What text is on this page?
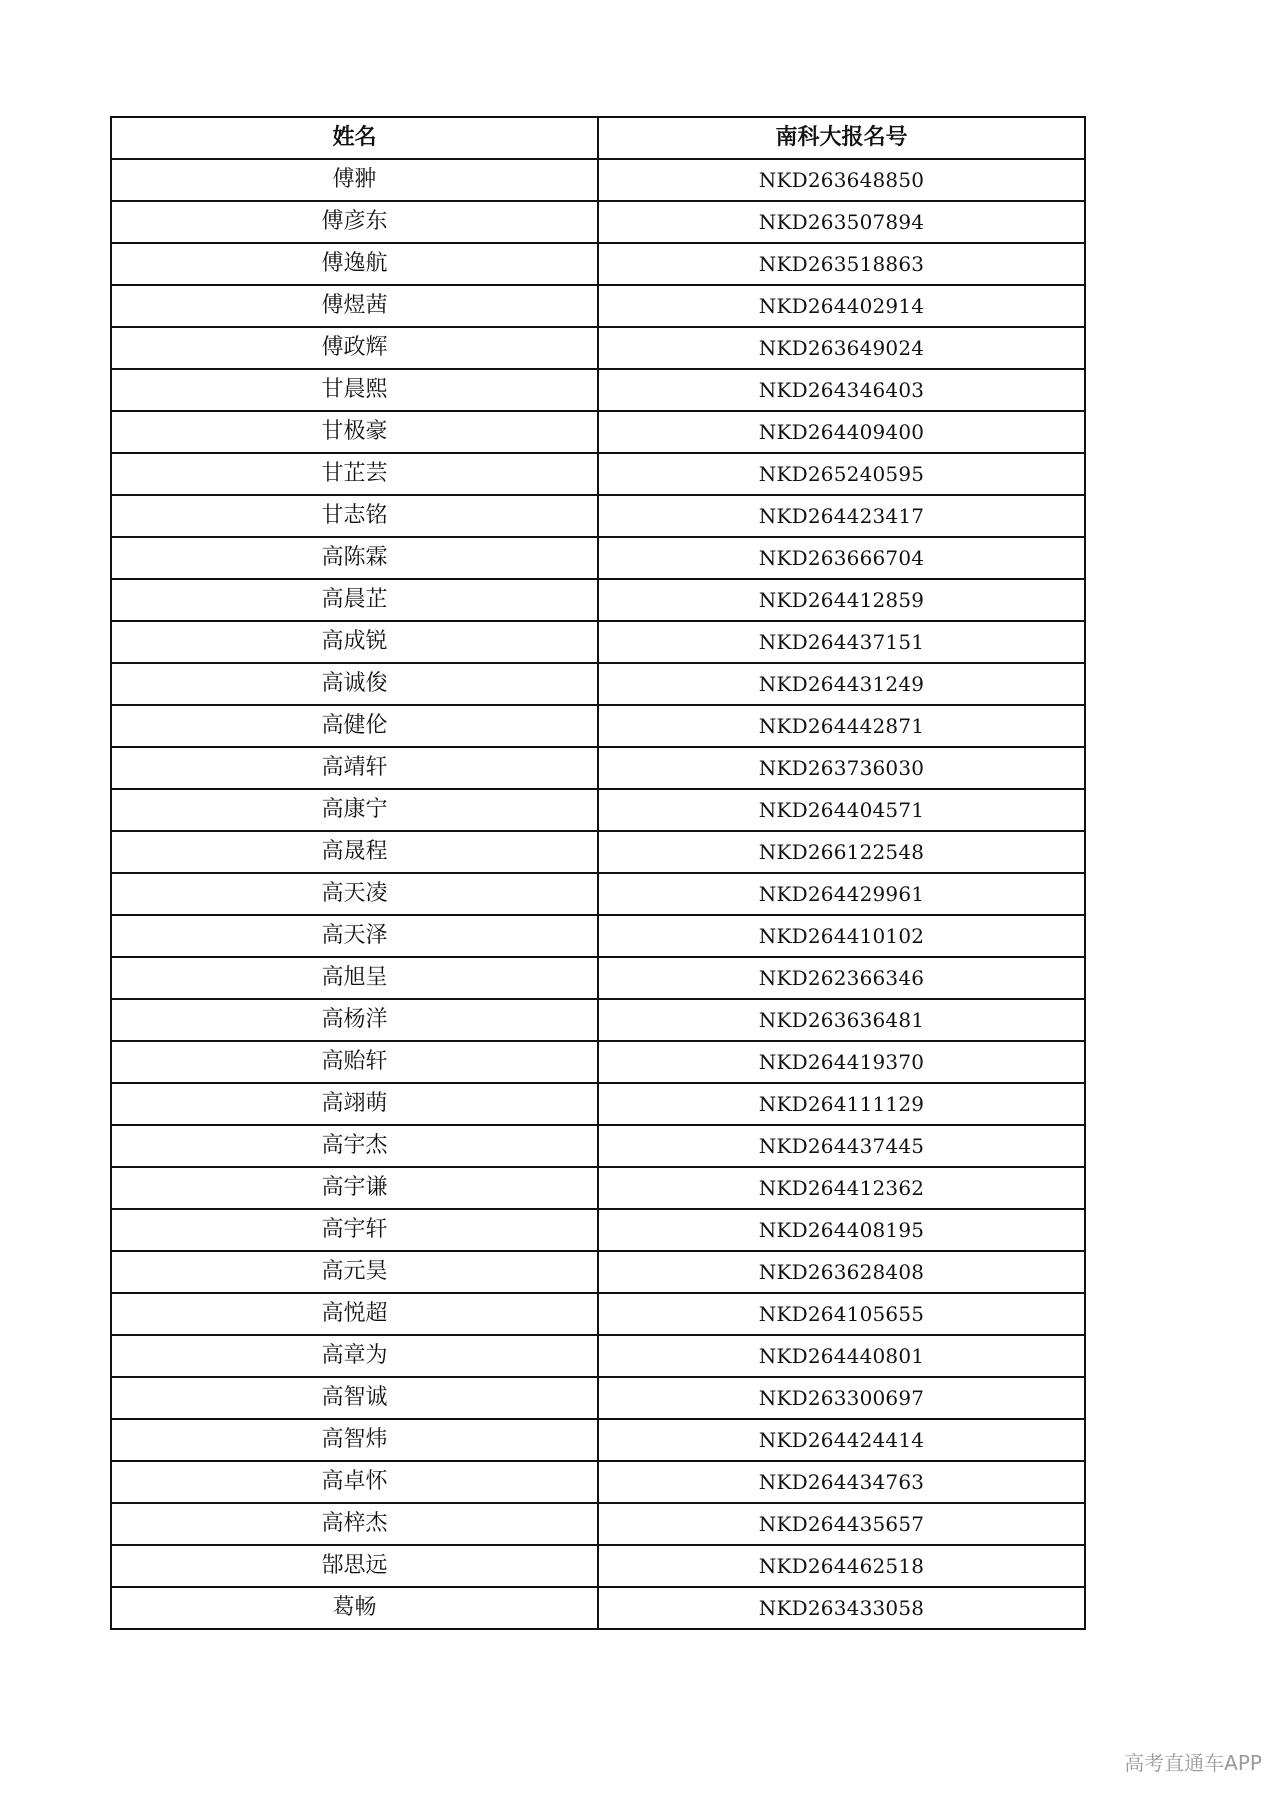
姓名	南科大报名号
傅翀	NKD263648850
傅彦东	NKD263507894
傅逸航	NKD263518863
傅煜茜	NKD264402914
傅政辉	NKD263649024
甘晨熙	NKD264346403
甘极豪	NKD264409400
甘芷芸	NKD265240595
甘志铭	NKD264423417
高陈霖	NKD263666704
高晨芷	NKD264412859
高成锐	NKD264437151
高诚俊	NKD264431249
高健伦	NKD264442871
高靖轩	NKD263736030
高康宁	NKD264404571
高晟程	NKD266122548
高天凌	NKD264429961
高天泽	NKD264410102
高旭呈	NKD262366346
高杨洋	NKD263636481
高贻轩	NKD264419370
高翊萌	NKD264111129
高宇杰	NKD264437445
高宇谦	NKD264412362
高宇轩	NKD264408195
高元昊	NKD263628408
高悦超	NKD264105655
高章为	NKD264440801
高智诚	NKD263300697
高智炜	NKD264424414
高卓怀	NKD264434763
高梓杰	NKD264435657
郜思远	NKD264462518
葛畅	NKD263433058
高考直通车APP
